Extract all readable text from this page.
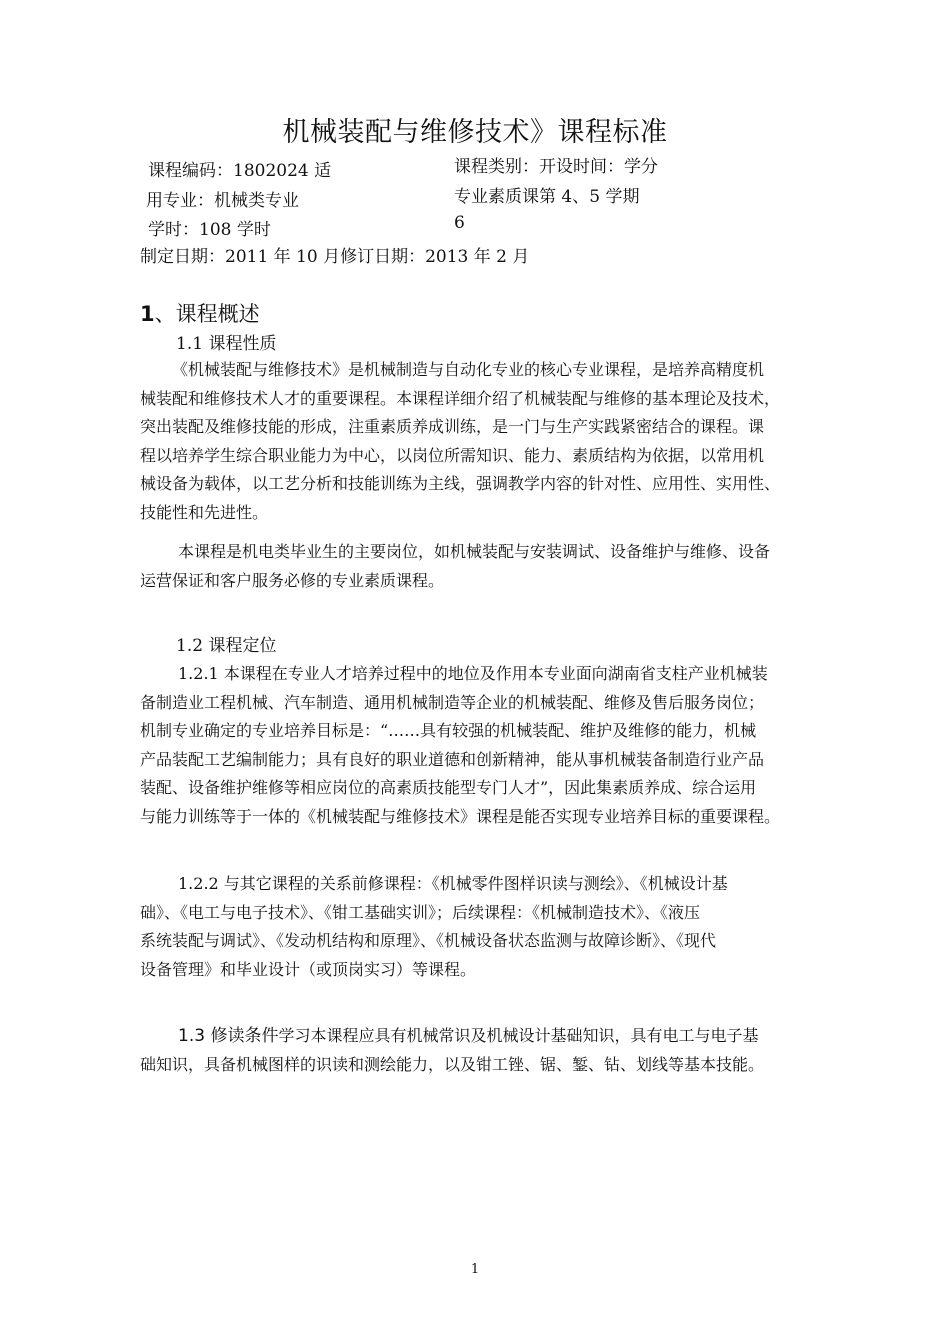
机械装配与维修技术》课程标准
课程编码：1802024 适
用专业：机械类专业
学时：108 学时
课程类别：开设时间：学分
专业素质课第 4、5 学期
6
制定日期：2011 年 10 月修订日期：2013 年 2 月
1、课程概述
1.1 课程性质
《机械装配与维修技术》是机械制造与自动化专业的核心专业课程，是培养高精度机
械装配和维修技术人才的重要课程。本课程详细介绍了机械装配与维修的基本理论及技术，
突出装配及维修技能的形成，注重素质养成训练，是一门与生产实践紧密结合的课程。课
程以培养学生综合职业能力为中心，以岗位所需知识、能力、素质结构为依据，以常用机
械设备为载体，以工艺分析和技能训练为主线，强调教学内容的针对性、应用性、实用性、
技能性和先进性。
本课程是机电类毕业生的主要岗位，如机械装配与安装调试、设备维护与维修、设备
运营保证和客户服务必修的专业素质课程。
1.2 课程定位
1.2.1 本课程在专业人才培养过程中的地位及作用本专业面向湖南省支柱产业机械装
备制造业工程机械、汽车制造、通用机械制造等企业的机械装配、维修及售后服务岗位；
机制专业确定的专业培养目标是：“……具有较强的机械装配、维护及维修的能力，机械
产品装配工艺编制能力；具有良好的职业道德和创新精神，能从事机械装备制造行业产品
装配、设备维护维修等相应岗位的高素质技能型专门人才”，因此集素质养成、综合运用
与能力训练等于一体的《机械装配与维修技术》课程是能否实现专业培养目标的重要课程。
1.2.2 与其它课程的关系前修课程：《机械零件图样识读与测绘》、《机械设计基
础》、《电工与电子技术》、《钳工基础实训》；后续课程：《机械制造技术》、《液压
系统装配与调试》、《发动机结构和原理》、《机械设备状态监测与故障诊断》、《现代
设备管理》和毕业设计（或顶岗实习）等课程。
1.3 修读条件学习本课程应具有机械常识及机械设计基础知识，具有电工与电子基
础知识，具备机械图样的识读和测绘能力，以及钳工锉、锯、錾、钻、划线等基本技能。
1
